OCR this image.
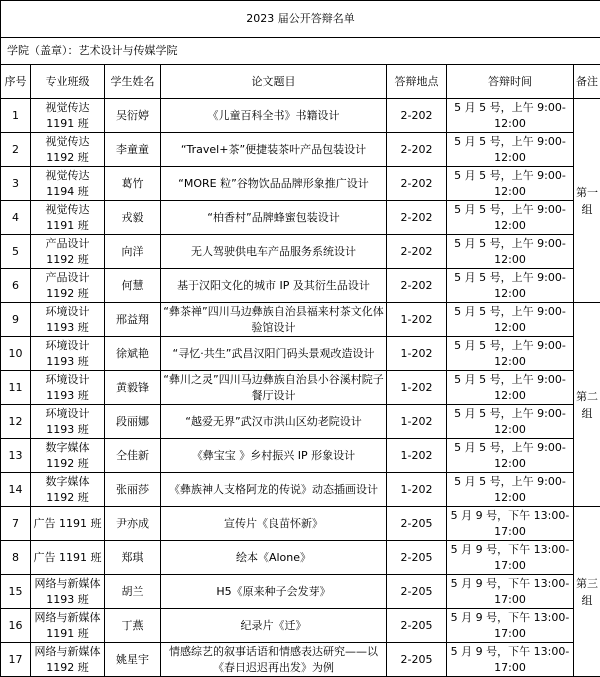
2023 届公开答辩名单						
学院（盖章）：艺术设计与传媒学院						
序号	专业班级	学生姓名	论文题目	答辩地点	答辩时间	备注
1	视觉传达 1191 班	吴衍婷	《儿童百科全书》书籍设计	2-202	5 月 5 号，上午 9:00-12:00	第一组
2	视觉传达 1192 班	李童童	“Travel+茶”便捷装茶叶产品包装设计	2-202	5 月 5 号，上午 9:00-12:00	
3	视觉传达 1194 班	葛竹	“MORE 粒”谷物饮品品牌形象推广设计	2-202	5 月 5 号，上午 9:00-12:00	
4	视觉传达 1191 班	戎毅	“柏香村”品牌蜂蜜包装设计	2-202	5 月 5 号，上午 9:00-12:00	
5	产品设计 1192 班	向洋	无人驾驶供电车产品服务系统设计	2-202	5 月 5 号，上午 9:00-12:00	
6	产品设计 1192 班	何慧	基于汉阳文化的城市 IP 及其衍生品设计	2-202	5 月 5 号，上午 9:00-12:00	
9	环境设计 1193 班	邢益翔	“彝茶禅”四川马边彝族自治县福来村茶文化体验馆设计	1-202	5 月 5 号，上午 9:00-12:00	第二组
10	环境设计 1193 班	徐斌艳	“寻忆·共生”武昌汉阳门码头景观改造设计	1-202	5 月 5 号，上午 9:00-12:00	
11	环境设计 1193 班	黄毅锋	“彝川之灵”四川马边彝族自治县小谷溪村院子餐厅设计	1-202	5 月 5 号，上午 9:00-12:00	
12	环境设计 1193 班	段丽娜	“越爱无界”武汉市洪山区幼老院设计	1-202	5 月 5 号，上午 9:00-12:00	
13	数字媒体 1192 班	仝佳新	《彝宝宝 》乡村振兴 IP 形象设计	1-202	5 月 5 号，上午 9:00-12:00	
14	数字媒体 1192 班	张丽莎	《彝族神人支格阿龙的传说》动态插画设计	1-202	5 月 5 号，上午 9:00-12:00	
7	广告 1191 班	尹亦成	宣传片《良苗怀新》	2-205	5 月 9 号，下午 13:00-17:00	第三组
8	广告 1191 班	郑琪	绘本《Alone》	2-205	5 月 9 号，下午 13:00-17:00	
15	网络与新媒体 1193 班	胡兰	H5《原来种子会发芽》	2-205	5 月 9 号，下午 13:00-17:00	
16	网络与新媒体 1191 班	丁燕	纪录片《迁》	2-205	5 月 9 号，下午 13:00-17:00	
17	网络与新媒体 1192 班	姚星宇	情感综艺的叙事话语和情感表达研究——以《春日迟迟再出发》为例	2-205	5 月 9 号，下午 13:00-17:00	
